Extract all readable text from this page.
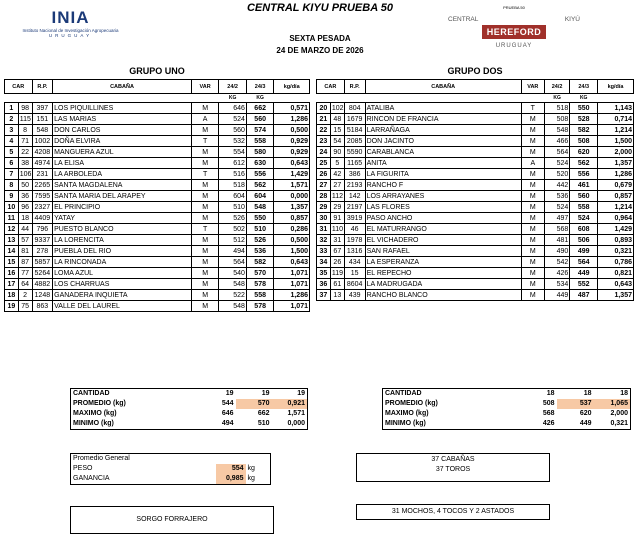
INIA
Instituto Nacional de Investigación Agropecuaria
URUGUAY
CENTRAL KIYU PRUEBA 50
SEXTA PESADA
24 DE MARZO DE 2026
PRUEBA 50
CENTRAL	KIYÚ
HEREFORD
URUGUAY
GRUPO UNO	GRUPO DOS
CAR		R.P.	CABAÑA	VAR	24/2	24/3	kg/día
					KG	KG	
1	98	397	LOS PIQUILLINES	M	646	662	0,571
2	115	151	LAS MARIAS	A	524	560	1,286
3	8	548	DON CARLOS	M	560	574	0,500
4	71	1002	DOÑA ELVIRA	T	532	558	0,929
5	22	4208	MANGUERA AZUL	M	554	580	0,929
6	38	4974	LA ELISA	M	612	630	0,643
7	106	231	LA ARBOLEDA	T	516	556	1,429
8	50	2265	SANTA MAGDALENA	M	518	562	1,571
9	36	7595	SANTA MARIA DEL ARAPEY	M	604	604	0,000
10	96	2327	EL PRINCIPIO	M	510	548	1,357
11	18	4409	YATAY	M	526	550	0,857
12	44	796	PUESTO BLANCO	T	502	510	0,286
13	57	9337	LA LORENCITA	M	512	526	0,500
14	81	278	PUEBLA DEL RIO	M	494	536	1,500
15	87	5857	LA RINCONADA	M	564	582	0,643
16	77	5264	LOMA AZUL	M	540	570	1,071
17	64	4882	LOS CHARRUAS	M	548	578	1,071
18	2	1248	GANADERA INQUIETA	M	522	558	1,286
19	75	863	VALLE DEL LAUREL	M	548	578	1,071
CAR		R.P.	CABAÑA	VAR	24/2	24/3	kg/día
					KG	KG	
20	102	804	ATALIBA	T	518	550	1,143
21	48	1679	RINCON DE FRANCIA	M	508	528	0,714
22	15	5184	LARRAÑAGA	M	548	582	1,214
23	54	2085	DON JACINTO	M	466	508	1,500
24	90	5590	CARABLANCA	M	564	620	2,000
25	5	1165	ANITA	A	524	562	1,357
26	42	386	LA FIGURITA	M	520	556	1,286
27	27	2193	RANCHO F	M	442	461	0,679
28	112	142	LOS ARRAYANES	M	536	560	0,857
29	29	2197	LAS FLORES	M	524	558	1,214
30	91	3919	PASO ANCHO	M	497	524	0,964
31	110	46	EL MATURRANGO	M	568	608	1,429
32	31	1978	EL VICHADERO	M	481	506	0,893
33	67	1316	SAN RAFAEL	M	490	499	0,321
34	26	434	LA ESPERANZA	M	542	564	0,786
35	119	15	EL REPECHO	M	426	449	0,821
36	61	8604	LA MADRUGADA	M	534	552	0,643
37	13	439	RANCHO BLANCO	M	449	487	1,357
CANTIDAD	19	19	19
PROMEDIO (kg)	544	570	0,921
MAXIMO (kg)	646	662	1,571
MINIMO (kg)	494	510	0,000
CANTIDAD	18	18	18
PROMEDIO (kg)	508	537	1,065
MAXIMO (kg)	568	620	2,000
MINIMO (kg)	426	449	0,321
Promedio General		
PESO	554	kg
GANANCIA	0,985	kg
37 CABAÑAS
37 TOROS
31 MOCHOS, 4 TOCOS Y 2 ASTADOS
SORGO FORRAJERO
